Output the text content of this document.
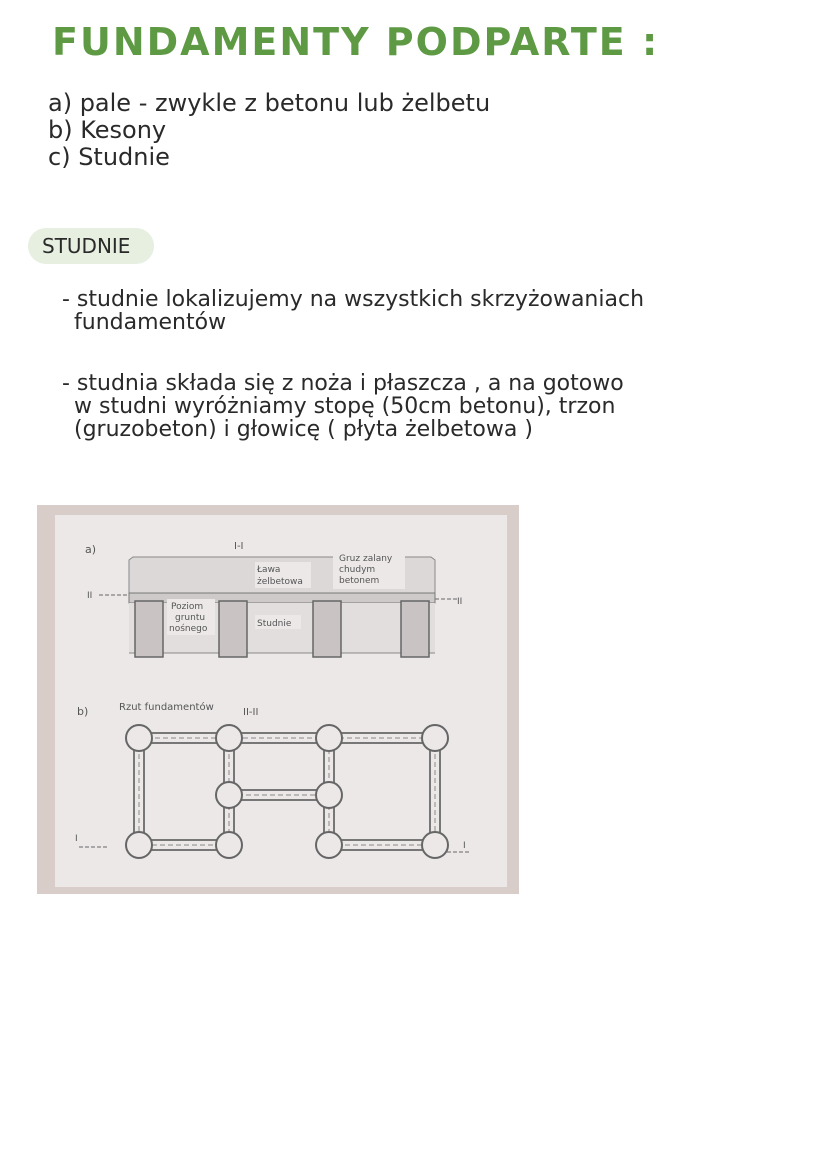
FUNDAMENTY PODPARTE :
a) pale - zwykle z betonu lub żelbetu
b) Kesony
c) Studnie
STUDNIE
- studnie lokalizujemy na wszystkich skrzyżowaniach
fundamentów
- studnia składa się z noża i płaszcza , a na gotowo
w studni wyróżniamy stopę (50cm betonu), trzon
(gruzobeton) i głowicę ( płyta żelbetowa )
a)	I-I
II
II
Ława
żelbetowa
Gruz zalany
chudym
betonem
Poziom
gruntu
nośnego	Studnie
b)	Rzut fundamentów	II-II
I
I
